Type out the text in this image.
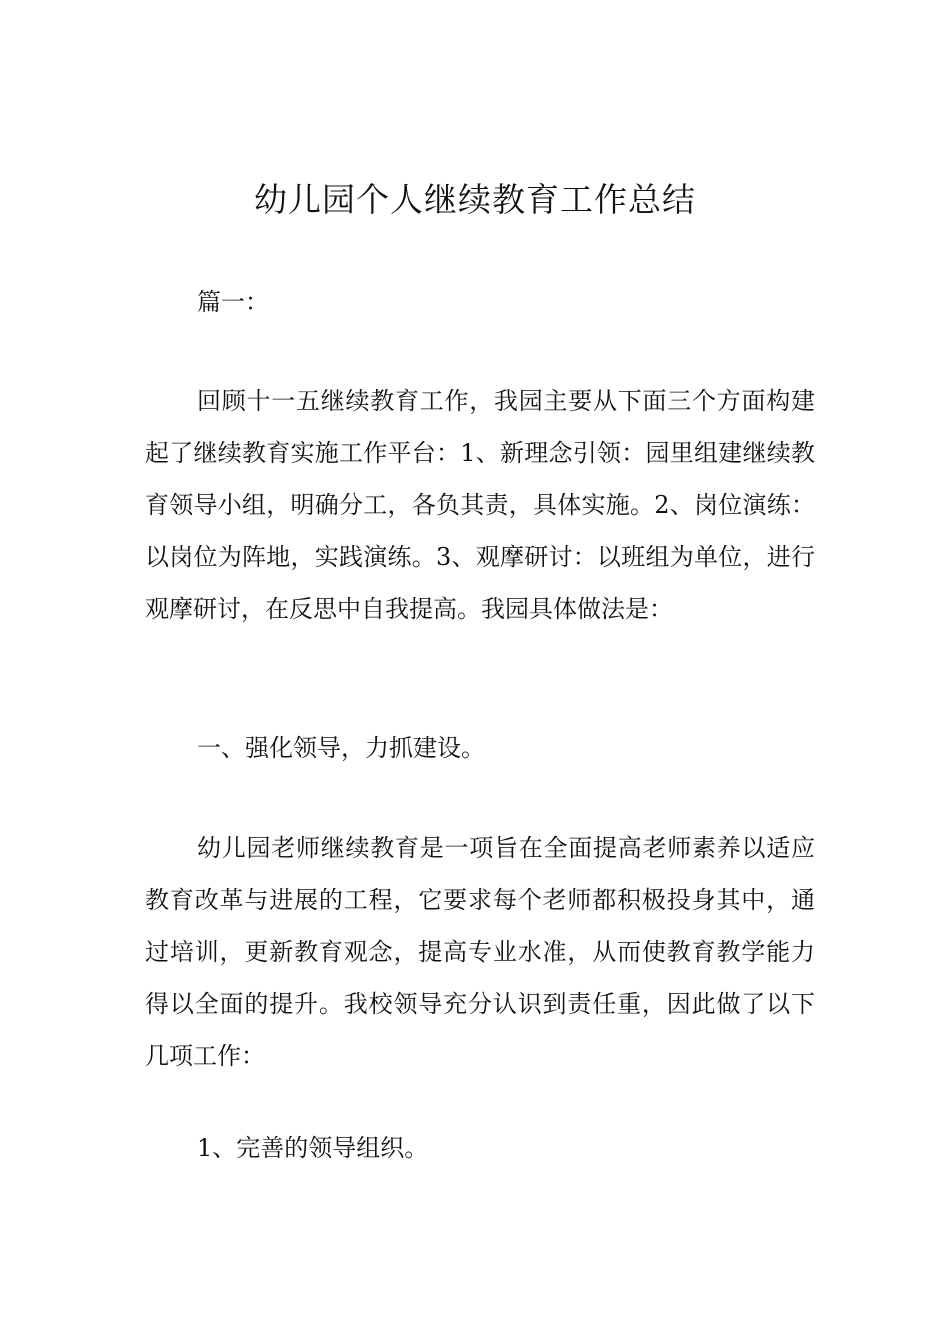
幼儿园个人继续教育工作总结

篇一：

回顾十一五继续教育工作，我园主要从下面三个方面构建起了继续教育实施工作平台：1、新理念引领：园里组建继续教育领导小组，明确分工，各负其责，具体实施。2、岗位演练：以岗位为阵地，实践演练。3、观摩研讨：以班组为单位，进行观摩研讨，在反思中自我提高。我园具体做法是：

一、强化领导，力抓建设。

幼儿园老师继续教育是一项旨在全面提高老师素养以适应教育改革与进展的工程，它要求每个老师都积极投身其中，通过培训，更新教育观念，提高专业水准，从而使教育教学能力得以全面的提升。我校领导充分认识到责任重，因此做了以下几项工作：

1、完善的领导组织。
